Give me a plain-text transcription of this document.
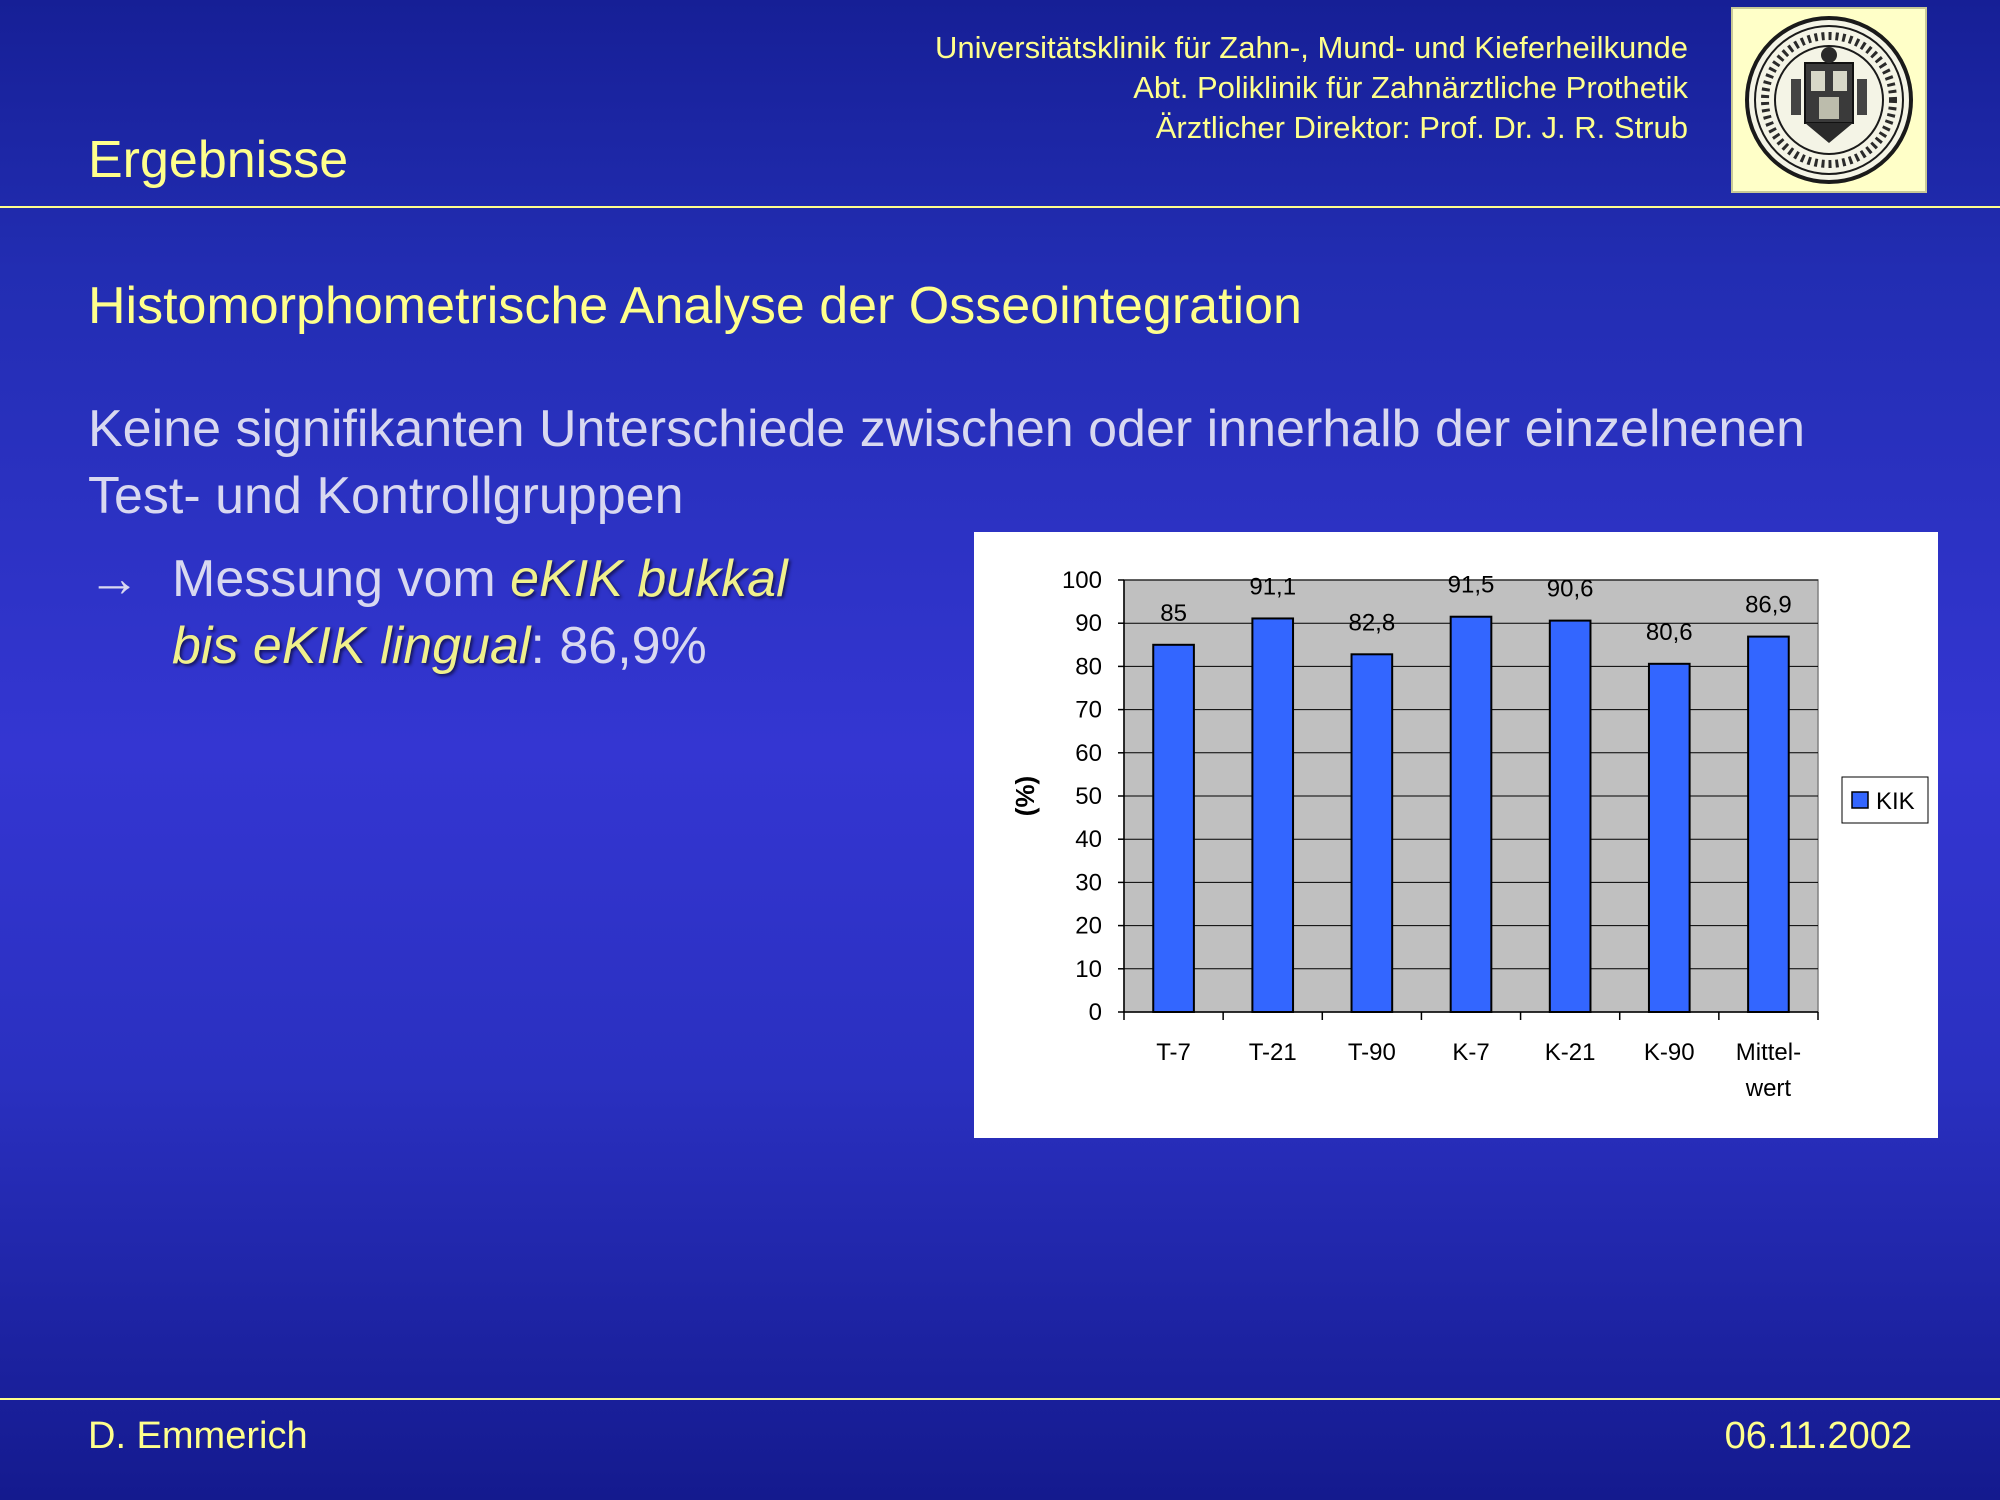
Ergebnisse
Universitätsklinik für Zahn-, Mund- und Kieferheilkunde
Abt. Poliklinik für Zahnärztliche Prothetik
Ärztlicher Direktor: Prof. Dr. J. R. Strub
Histomorphometrische Analyse der Osseointegration
Keine signifikanten Unterschiede zwischen oder innerhalb der einzelnenen
Test- und Kontrollgruppen
→ Messung vom eKIK bukkal
bis eKIK lingual: 86,9%
0
10
20
30
40
50
60
70
80
90
100
85
T-7
91,1
T-21
82,8
T-90
91,5
K-7
90,6
K-21
80,6
K-90
86,9
Mittel-
wert
(%)	KIK
D. Emmerich	06.11.2002
